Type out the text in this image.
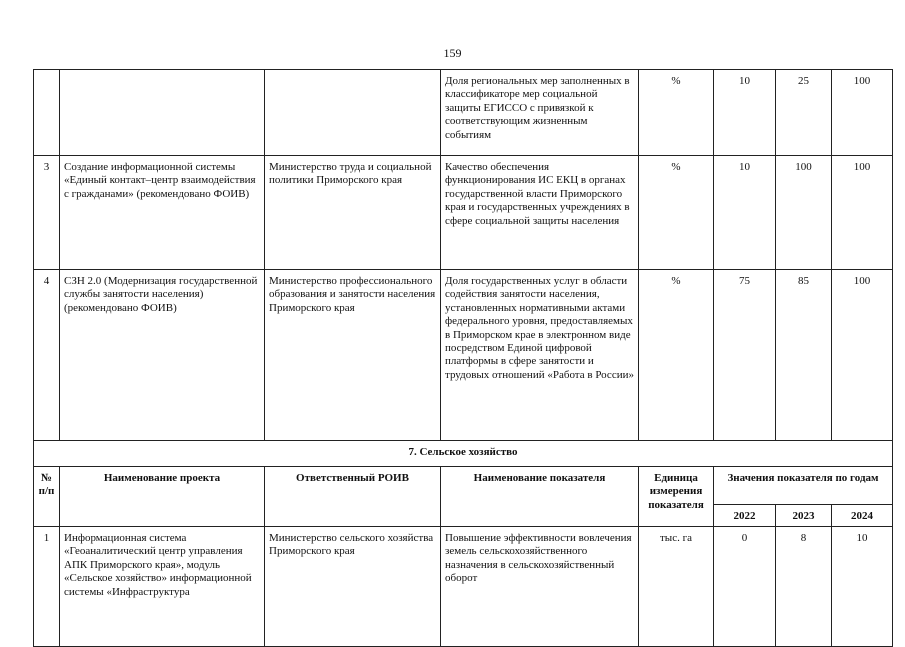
159
			Доля региональных мер заполненных в классификаторе мер социальной защиты ЕГИССО с привязкой к соответствующим жизненным событиям	%	10	25	100
3	Создание информационной системы «Единый контакт–центр взаимодействия с гражданами» (рекомендовано ФОИВ)	Министерство труда и социальной политики Приморского края	Качество обеспечения функционирования ИС ЕКЦ в органах государственной власти Приморского края и государственных учреждениях в сфере социальной защиты населения	%	10	100	100
4	СЗН 2.0 (Модернизация государственной службы занятости населения) (рекомендовано ФОИВ)	Министерство профессионального образования и занятости населения Приморского края	Доля государственных услуг в области содействия занятости населения, установленных нормативными актами федерального уровня, предоставляемых в Приморском крае в электронном виде посредством Единой цифровой платформы в сфере занятости и трудовых отношений «Работа в России»	%	75	85	100
7. Сельское хозяйство							
№ п/п	Наименование проекта	Ответственный РОИВ	Наименование показателя	Единица измерения показателя	Значения показателя по годам		
					2022	2023	2024
1	Информационная система «Геоаналитический центр управления АПК Приморского края», модуль «Сельское хозяйство» информационной системы «Инфраструктура	Министерство сельского хозяйства Приморского края	Повышение эффективности вовлечения земель сельскохозяйственного назначения в сельскохозяйственный оборот	тыс. га	0	8	10
